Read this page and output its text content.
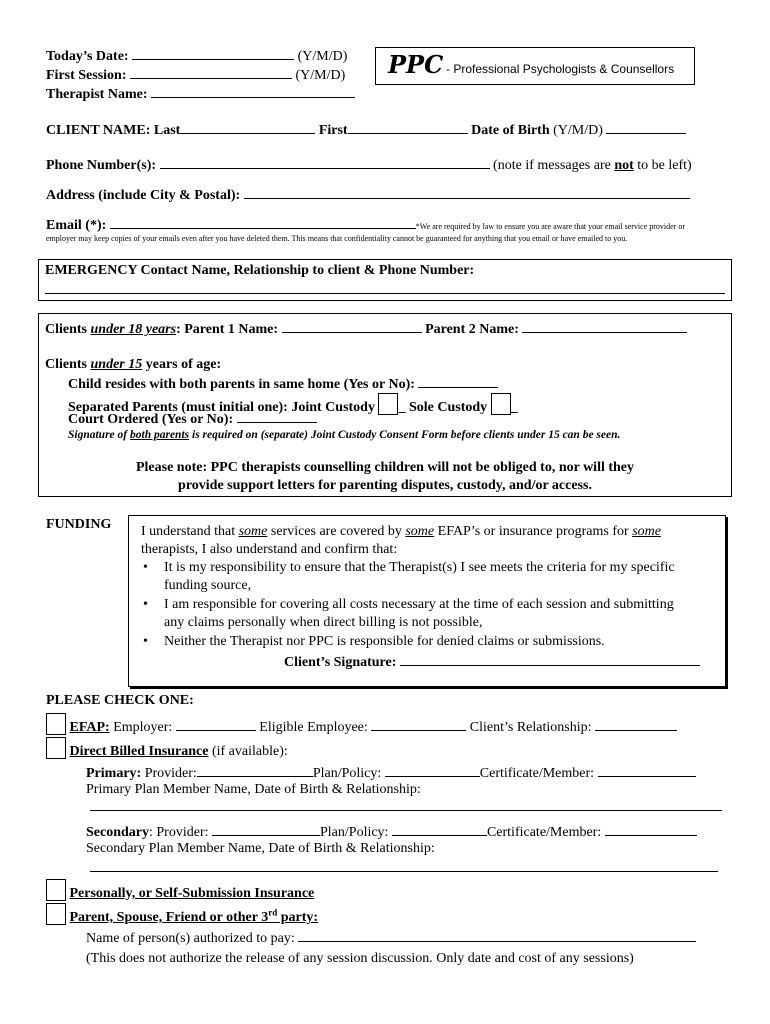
Today’s Date:	(Y/M/D)
First Session:	(Y/M/D)
Therapist Name:
PPC - Professional Psychologists & Counsellors
CLIENT NAME: Last	First	Date of Birth (Y/M/D)
Phone Number(s):	(note if messages are not to be left)
Address (include City & Postal):
Email (*):	*We are required by law to ensure you are aware that your email service provider or
employer may keep copies of your emails even after you have deleted them. This means that confidentiality cannot be guaranteed for anything that you email or have emailed to you.
EMERGENCY Contact Name, Relationship to client & Phone Number:
Clients under 18 years: Parent 1 Name:	Parent 2 Name:
Clients under 15 years of age:
Child resides with both parents in same home (Yes or No):
Separated Parents (must initial one): Joint Custody _ Sole Custody _
Court Ordered (Yes or No):
Signature of both parents is required on (separate) Joint Custody Consent Form before clients under 15 can be seen.
Please note: PPC therapists counselling children will not be obliged to, nor will they
provide support letters for parenting disputes, custody, and/or access.
FUNDING I understand that some services are covered by some EFAP’s or insurance programs for some
therapists, I also understand and confirm that:
• It is my responsibility to ensure that the Therapist(s) I see meets the criteria for my specific
funding source,
• I am responsible for covering all costs necessary at the time of each session and submitting
any claims personally when direct billing is not possible,
• Neither the Therapist nor PPC is responsible for denied claims or submissions.
Client’s Signature:
PLEASE CHECK ONE:
EFAP: Employer:	Eligible Employee:	Client’s Relationship:
Direct Billed Insurance (if available):
Primary: Provider:	Plan/Policy:	Certificate/Member:
Primary Plan Member Name, Date of Birth & Relationship:
Secondary: Provider:	Plan/Policy:	Certificate/Member:
Secondary Plan Member Name, Date of Birth & Relationship:
Personally, or Self-Submission Insurance
Parent, Spouse, Friend or other 3rd party:
Name of person(s) authorized to pay:
(This does not authorize the release of any session discussion. Only date and cost of any sessions)
